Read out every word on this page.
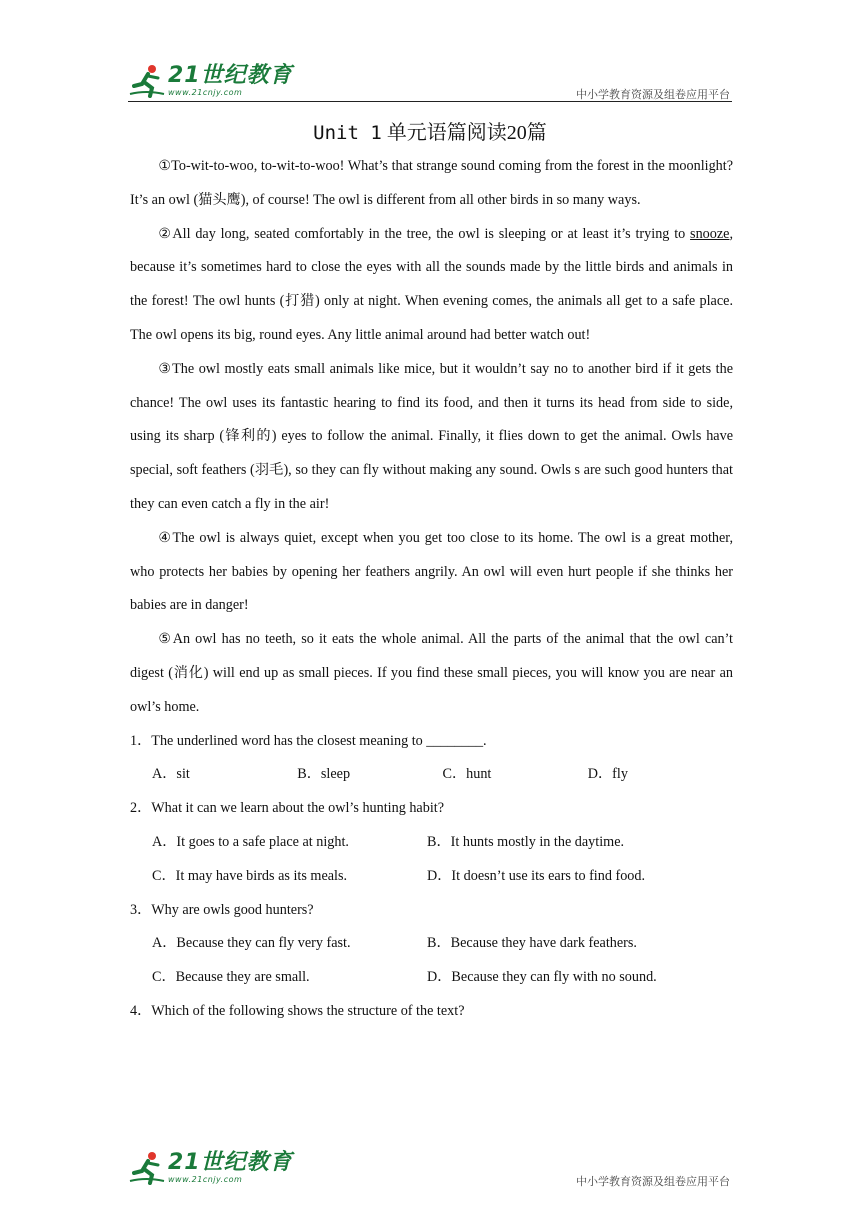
21世纪教育
www.21cnjy.com	中小学教育资源及组卷应用平台
Unit 1 单元语篇阅读20篇

①To-wit-to-woo, to-wit-to-woo! What’s that strange sound coming from the forest in the moonlight? It’s an owl (猫头鹰), of course! The owl is different from all other birds in so many ways.

②All day long, seated comfortably in the tree, the owl is sleeping or at least it’s trying to snooze, because it’s sometimes hard to close the eyes with all the sounds made by the little birds and animals in the forest! The owl hunts (打猎) only at night. When evening comes, the animals all get to a safe place. The owl opens its big, round eyes. Any little animal around had better watch out!

③The owl mostly eats small animals like mice, but it wouldn’t say no to another bird if it gets the chance! The owl uses its fantastic hearing to find its food, and then it turns its head from side to side, using its sharp (锋利的) eyes to follow the animal. Finally, it flies down to get the animal. Owls have special, soft feathers (羽毛), so they can fly without making any sound. Owls s are such good hunters that they can even catch a fly in the air!

④The owl is always quiet, except when you get too close to its home. The owl is a great mother, who protects her babies by opening her feathers angrily. An owl will even hurt people if she thinks her babies are in danger!

⑤An owl has no teeth, so it eats the whole animal. All the parts of the animal that the owl can’t digest (消化) will end up as small pieces. If you find these small pieces, you will know you are near an owl’s home.

1．The underlined word has the closest meaning to ________.

A．sit	B．sleep	C．hunt	D．fly

2．What it can we learn about the owl’s hunting habit?

A．It goes to a safe place at night.	B．It hunts mostly in the daytime.
C．It may have birds as its meals.	D．It doesn’t use its ears to find food.

3．Why are owls good hunters?

A．Because they can fly very fast.	B．Because they have dark feathers.
C．Because they are small.	D．Because they can fly with no sound.

4．Which of the following shows the structure of the text?

21世纪教育
www.21cnjy.com	中小学教育资源及组卷应用平台
